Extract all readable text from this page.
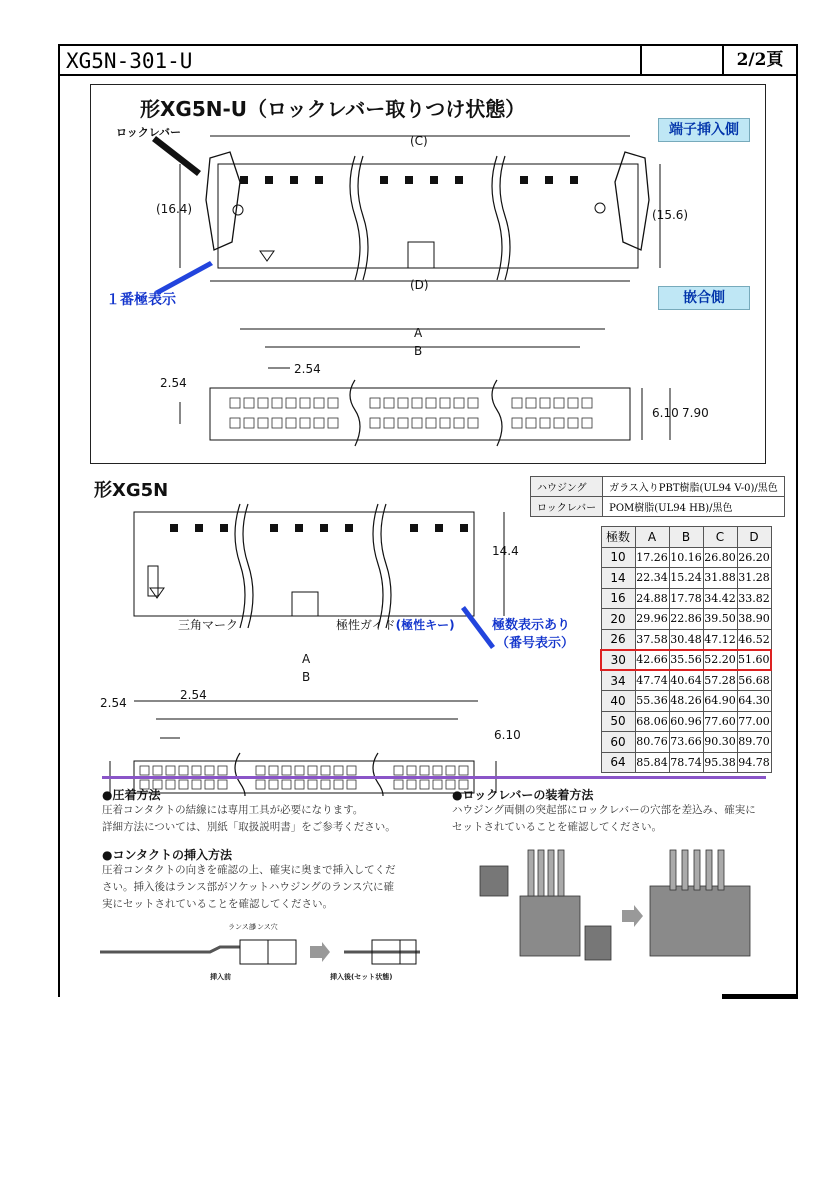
XG5N-301-U	2/2頁
形XG5N-U（ロックレバー取りつけ状態）
端子挿入側
嵌合側
ロックレバー
１番極表示
(C)
(D)
(16.4)	(15.6)
A
B
2.54
2.54
6.10 7.90
形XG5N	ハウジング	ガラス入りPBT樹脂(UL94 V-0)/黒色
ロックレバー	POM樹脂(UL94 HB)/黒色
極数	A	B	C	D
10	17.26	10.16	26.80	26.20
14	22.34	15.24	31.88	31.28
16	24.88	17.78	34.42	33.82
20	29.96	22.86	39.50	38.90
26	37.58	30.48	47.12	46.52
30	42.66	35.56	52.20	51.60
34	47.74	40.64	57.28	56.68
40	55.36	48.26	64.90	64.30
50	68.06	60.96	77.60	77.00
60	80.76	73.66	90.30	89.70
64	85.84	78.74	95.38	94.78
14.4
三角マーク	極性ガイド(極性キー)	極数表示あり
（番号表示）
A
B
2.54
2.54
6.10
●圧着方法
圧着コンタクトの結線には専用工具が必要になります。
詳細方法については、別紙「取扱説明書」をご参考ください。
●コンタクトの挿入方法
圧着コンタクトの向きを確認の上、確実に奥まで挿入してくだ
さい。挿入後はランス部がソケットハウジングのランス穴に確
実にセットされていることを確認してください。
ランス部
ランス穴
挿入前	挿入後(セット状態)
●ロックレバーの装着方法
ハウジング両側の突起部にロックレバーの穴部を差込み、確実に
セットされていることを確認してください。
